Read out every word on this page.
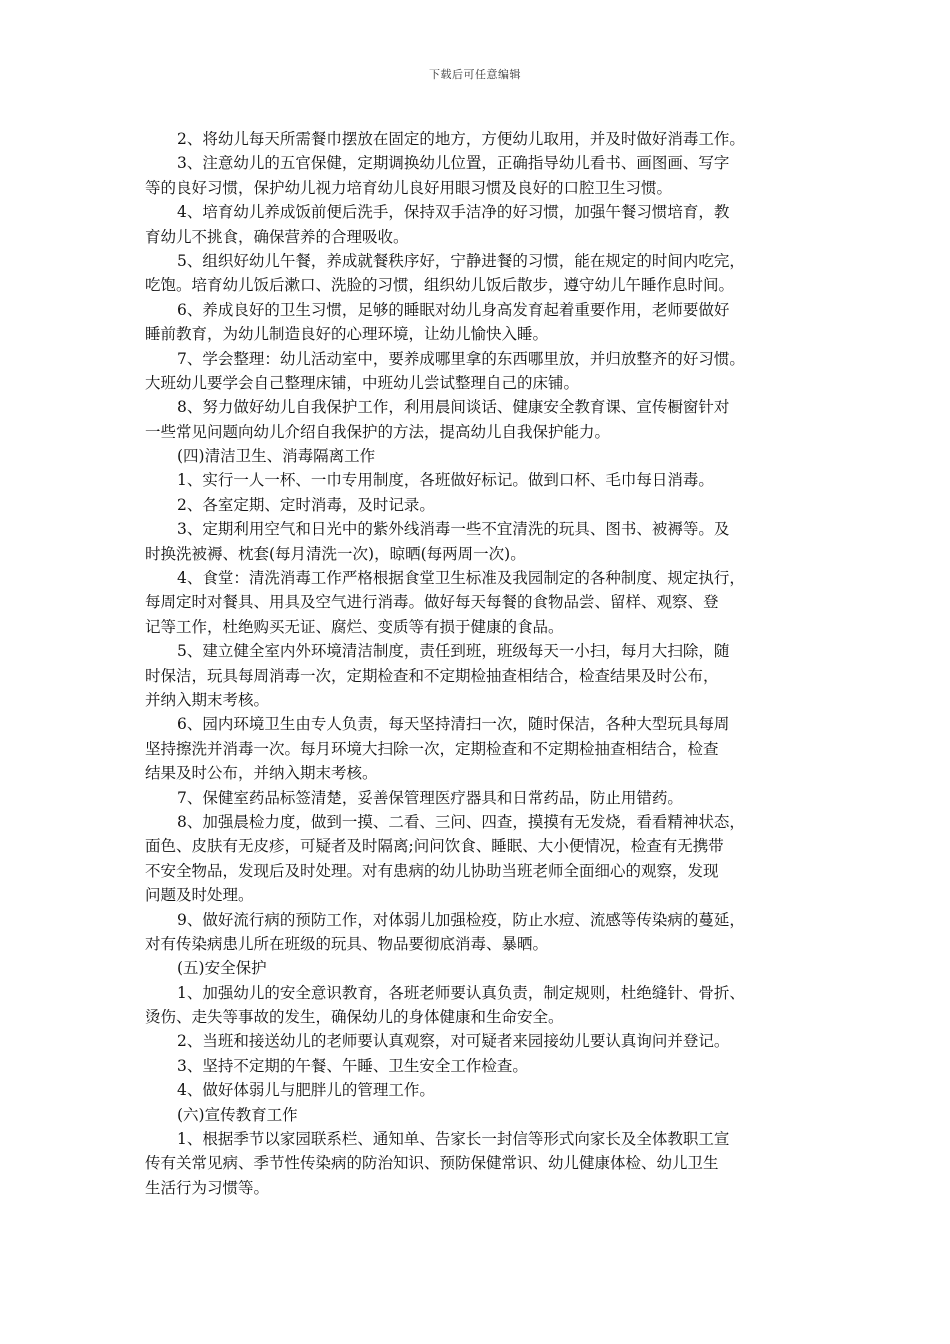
下载后可任意编辑
2、将幼儿每天所需餐巾摆放在固定的地方，方便幼儿取用，并及时做好消毒工作。
3、注意幼儿的五官保健，定期调换幼儿位置，正确指导幼儿看书、画图画、写字
等的良好习惯，保护幼儿视力培育幼儿良好用眼习惯及良好的口腔卫生习惯。
4、培育幼儿养成饭前便后洗手，保持双手洁净的好习惯，加强午餐习惯培育，教
育幼儿不挑食，确保营养的合理吸收。
5、组织好幼儿午餐，养成就餐秩序好，宁静进餐的习惯，能在规定的时间内吃完，
吃饱。培育幼儿饭后漱口、洗脸的习惯，组织幼儿饭后散步，遵守幼儿午睡作息时间。
6、养成良好的卫生习惯，足够的睡眠对幼儿身高发育起着重要作用，老师要做好
睡前教育，为幼儿制造良好的心理环境，让幼儿愉快入睡。
7、学会整理：幼儿活动室中，要养成哪里拿的东西哪里放，并归放整齐的好习惯。
大班幼儿要学会自己整理床铺，中班幼儿尝试整理自己的床铺。
8、努力做好幼儿自我保护工作，利用晨间谈话、健康安全教育课、宣传橱窗针对
一些常见问题向幼儿介绍自我保护的方法，提高幼儿自我保护能力。
(四)清洁卫生、消毒隔离工作
1、实行一人一杯、一巾专用制度，各班做好标记。做到口杯、毛巾每日消毒。
2、各室定期、定时消毒，及时记录。
3、定期利用空气和日光中的紫外线消毒一些不宜清洗的玩具、图书、被褥等。及
时换洗被褥、枕套(每月清洗一次)，晾晒(每两周一次)。
4、食堂：清洗消毒工作严格根据食堂卫生标准及我园制定的各种制度、规定执行，
每周定时对餐具、用具及空气进行消毒。做好每天每餐的食物品尝、留样、观察、登
记等工作，杜绝购买无证、腐烂、变质等有损于健康的食品。
5、建立健全室内外环境清洁制度，责任到班，班级每天一小扫，每月大扫除，随
时保洁，玩具每周消毒一次，定期检查和不定期检抽查相结合，检查结果及时公布，
并纳入期末考核。
6、园内环境卫生由专人负责，每天坚持清扫一次，随时保洁，各种大型玩具每周
坚持擦洗并消毒一次。每月环境大扫除一次，定期检查和不定期检抽查相结合，检查
结果及时公布，并纳入期末考核。
7、保健室药品标签清楚，妥善保管理医疗器具和日常药品，防止用错药。
8、加强晨检力度，做到一摸、二看、三问、四查，摸摸有无发烧，看看精神状态，
面色、皮肤有无皮疹，可疑者及时隔离;问问饮食、睡眠、大小便情况，检查有无携带
不安全物品，发现后及时处理。对有患病的幼儿协助当班老师全面细心的观察，发现
问题及时处理。
9、做好流行病的预防工作，对体弱儿加强检疫，防止水痘、流感等传染病的蔓延，
对有传染病患儿所在班级的玩具、物品要彻底消毒、暴晒。
(五)安全保护
1、加强幼儿的安全意识教育，各班老师要认真负责，制定规则，杜绝缝针、骨折、
烫伤、走失等事故的发生，确保幼儿的身体健康和生命安全。
2、当班和接送幼儿的老师要认真观察，对可疑者来园接幼儿要认真询问并登记。
3、坚持不定期的午餐、午睡、卫生安全工作检查。
4、做好体弱儿与肥胖儿的管理工作。
(六)宣传教育工作
1、根据季节以家园联系栏、通知单、告家长一封信等形式向家长及全体教职工宣
传有关常见病、季节性传染病的防治知识、预防保健常识、幼儿健康体检、幼儿卫生
生活行为习惯等。
